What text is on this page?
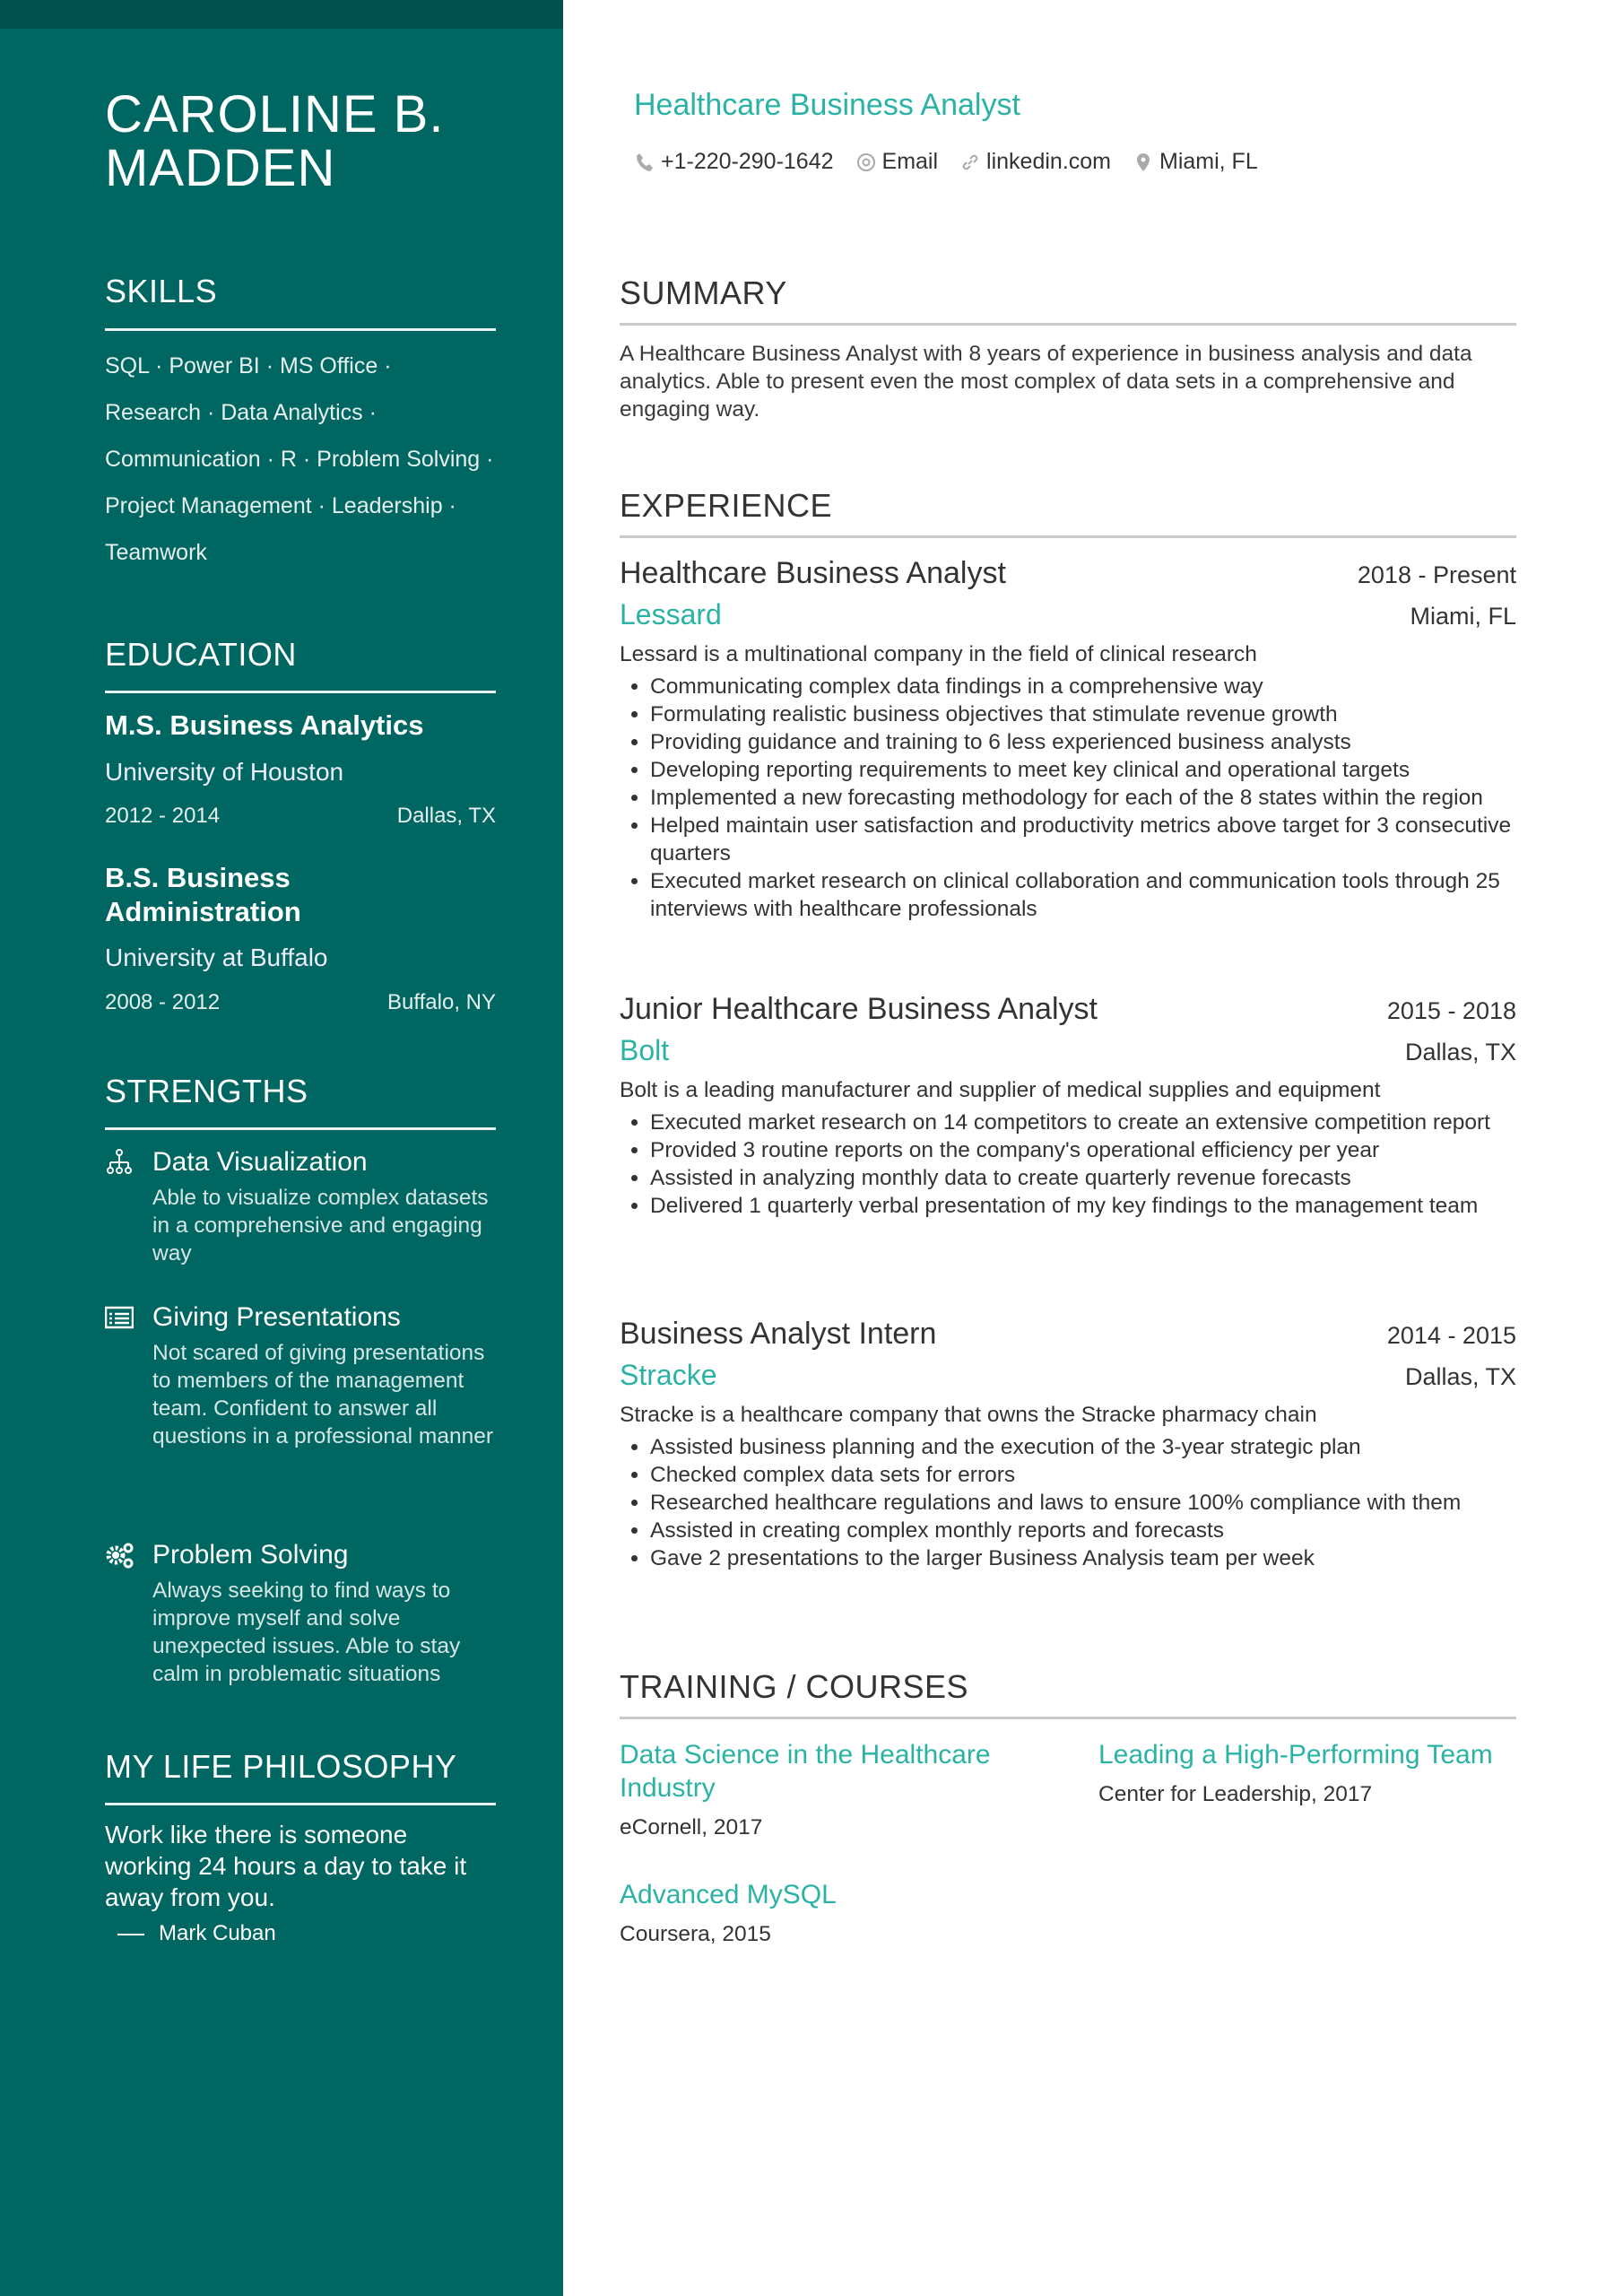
CAROLINE B.
MADDEN
SKILLS
SQL · Power BI · MS Office ·
Research · Data Analytics ·
Communication · R · Problem Solving ·
Project Management · Leadership ·
Teamwork
EDUCATION
M.S. Business Analytics
University of Houston
2012 - 2014	Dallas, TX
B.S. Business Administration
University at Buffalo
2008 - 2012	Buffalo, NY
STRENGTHS
Data Visualization
Able to visualize complex datasets in a comprehensive and engaging way
Giving Presentations
Not scared of giving presentations to members of the management team. Confident to answer all questions in a professional manner
Problem Solving
Always seeking to find ways to improve myself and solve unexpected issues. Able to stay calm in problematic situations
MY LIFE PHILOSOPHY
Work like there is someone working 24 hours a day to take it away from you.
Mark Cuban
Healthcare Business Analyst
+1-220-290-1642 Email linkedin.com Miami, FL
SUMMARY
A Healthcare Business Analyst with 8 years of experience in business analysis and data analytics. Able to present even the most complex of data sets in a comprehensive and engaging way.
EXPERIENCE
Healthcare Business Analyst	2018 - Present
Lessard	Miami, FL
Lessard is a multinational company in the field of clinical research
• Communicating complex data findings in a comprehensive way
• Formulating realistic business objectives that stimulate revenue growth
• Providing guidance and training to 6 less experienced business analysts
• Developing reporting requirements to meet key clinical and operational targets
• Implemented a new forecasting methodology for each of the 8 states within the region
• Helped maintain user satisfaction and productivity metrics above target for 3 consecutive quarters
• Executed market research on clinical collaboration and communication tools through 25 interviews with healthcare professionals
Junior Healthcare Business Analyst	2015 - 2018
Bolt	Dallas, TX
Bolt is a leading manufacturer and supplier of medical supplies and equipment
• Executed market research on 14 competitors to create an extensive competition report
• Provided 3 routine reports on the company's operational efficiency per year
• Assisted in analyzing monthly data to create quarterly revenue forecasts
• Delivered 1 quarterly verbal presentation of my key findings to the management team
Business Analyst Intern	2014 - 2015
Stracke	Dallas, TX
Stracke is a healthcare company that owns the Stracke pharmacy chain
• Assisted business planning and the execution of the 3-year strategic plan
• Checked complex data sets for errors
• Researched healthcare regulations and laws to ensure 100% compliance with them
• Assisted in creating complex monthly reports and forecasts
• Gave 2 presentations to the larger Business Analysis team per week
TRAINING / COURSES
Data Science in the Healthcare Industry
eCornell, 2017
Leading a High-Performing Team
Center for Leadership, 2017
Advanced MySQL
Coursera, 2015
